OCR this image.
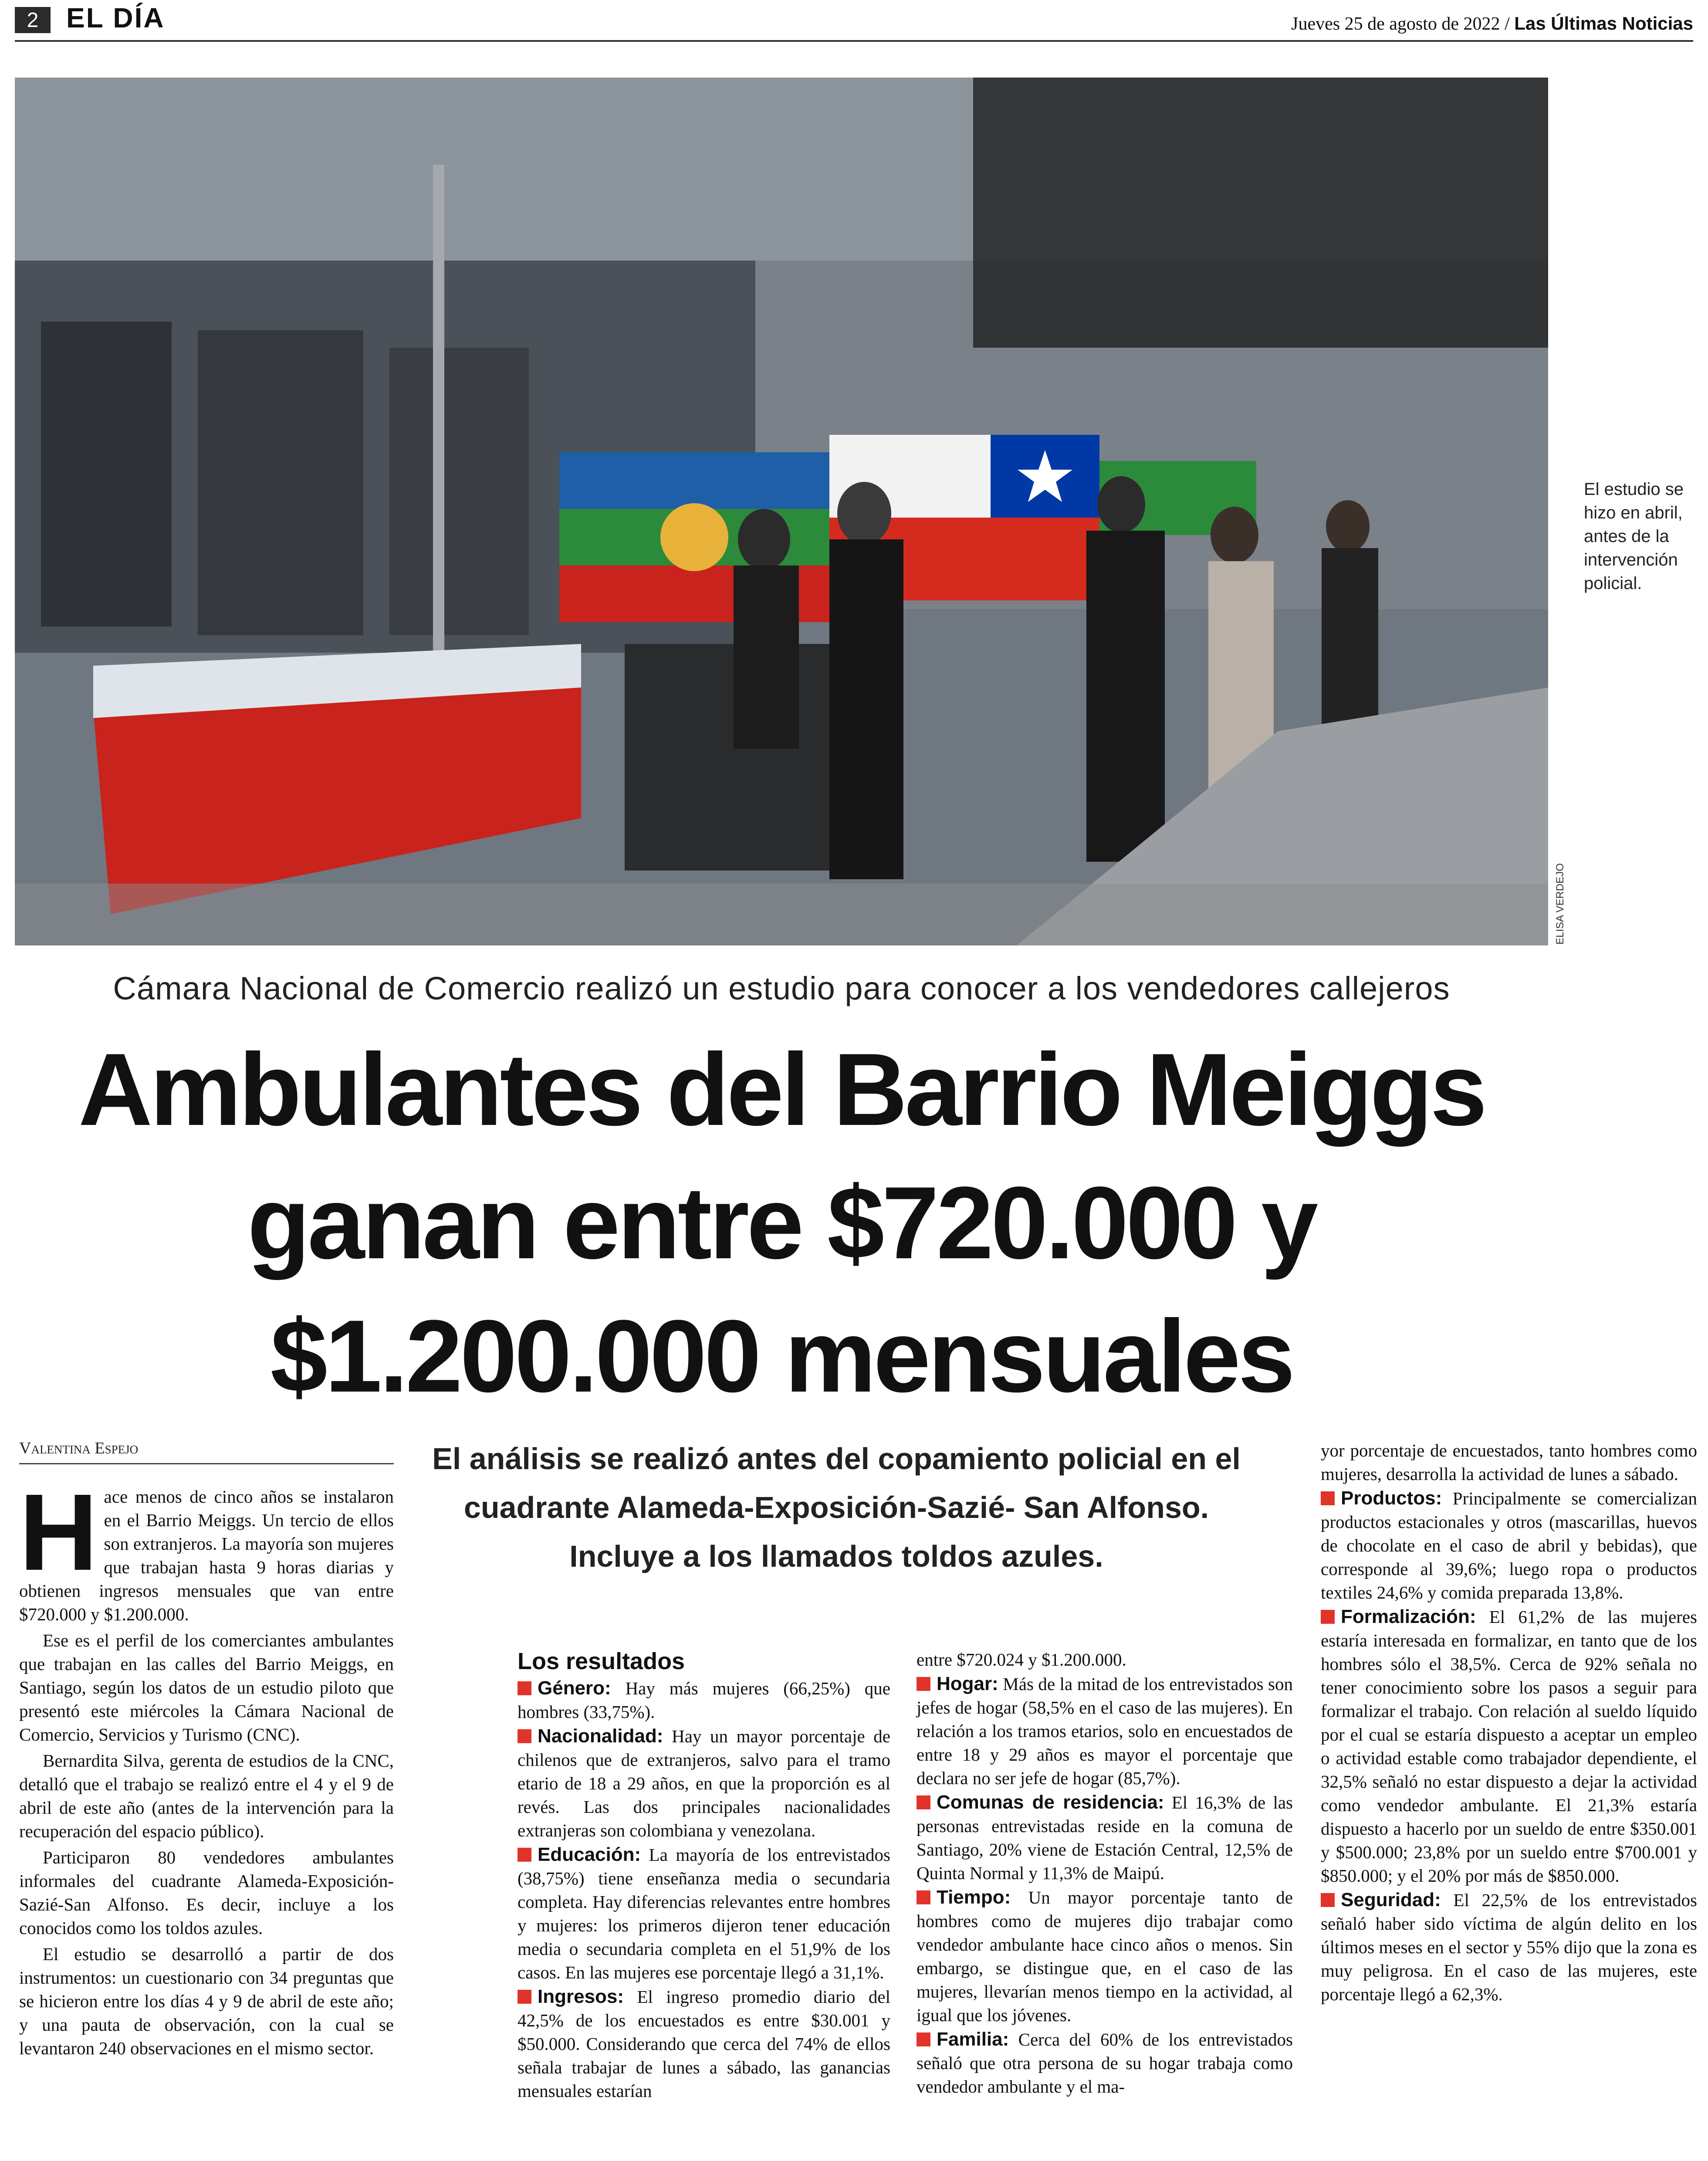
2 EL DÍA	Jueves 25 de agosto de 2022 / Las Últimas Noticias
ELISA VERDEJO
El estudio se hizo en abril, antes de la intervención policial.
Cámara Nacional de Comercio realizó un estudio para conocer a los vendedores callejeros
Ambulantes del Barrio Meiggs
ganan entre $720.000 y
$1.200.000 mensuales
Valentina Espejo

Hace menos de cinco años se instalaron en el Barrio Meiggs. Un tercio de ellos son extranjeros. La mayoría son mujeres que trabajan hasta 9 horas diarias y obtienen ingresos mensuales que van entre $720.000 y $1.200.000.

Ese es el perfil de los comerciantes ambulantes que trabajan en las calles del Barrio Meiggs, en Santiago, según los datos de un estudio piloto que presentó este miércoles la Cámara Nacional de Comercio, Servicios y Turismo (CNC).

Bernardita Silva, gerenta de estudios de la CNC, detalló que el trabajo se realizó entre el 4 y el 9 de abril de este año (antes de la intervención para la recuperación del espacio público).

Participaron 80 vendedores ambulantes informales del cuadrante Alameda-Exposición-Sazié-San Alfonso. Es decir, incluye a los conocidos como los toldos azules.

El estudio se desarrolló a partir de dos instrumentos: un cuestionario con 34 preguntas que se hicieron entre los días 4 y 9 de abril de este año; y una pauta de observación, con la cual se levantaron 240 observaciones en el mismo sector.

El análisis se realizó antes del copamiento policial en el cuadrante Alameda-Exposición-Sazié- San Alfonso. Incluye a los llamados toldos azules.
Los resultados
Género: Hay más mujeres (66,25%) que hombres (33,75%).
Nacionalidad: Hay un mayor porcentaje de chilenos que de extranjeros, salvo para el tramo etario de 18 a 29 años, en que la proporción es al revés. Las dos principales nacionalidades extranjeras son colombiana y venezolana.
Educación: La mayoría de los entrevistados (38,75%) tiene enseñanza media o secundaria completa. Hay diferencias relevantes entre hombres y mujeres: los primeros dijeron tener educación media o secundaria completa en el 51,9% de los casos. En las mujeres ese porcentaje llegó a 31,1%.
Ingresos: El ingreso promedio diario del 42,5% de los encuestados es entre $30.001 y $50.000. Considerando que cerca del 74% de ellos señala trabajar de lunes a sábado, las ganancias mensuales estarían
entre $720.024 y $1.200.000.
Hogar: Más de la mitad de los entrevistados son jefes de hogar (58,5% en el caso de las mujeres). En relación a los tramos etarios, solo en encuestados de entre 18 y 29 años es mayor el porcentaje que declara no ser jefe de hogar (85,7%).
Comunas de residencia: El 16,3% de las personas entrevistadas reside en la comuna de Santiago, 20% viene de Estación Central, 12,5% de Quinta Normal y 11,3% de Maipú.
Tiempo: Un mayor porcentaje tanto de hombres como de mujeres dijo trabajar como vendedor ambulante hace cinco años o menos. Sin embargo, se distingue que, en el caso de las mujeres, llevarían menos tiempo en la actividad, al igual que los jóvenes.
Familia: Cerca del 60% de los entrevistados señaló que otra persona de su hogar trabaja como vendedor ambulante y el ma-
yor porcentaje de encuestados, tanto hombres como mujeres, desarrolla la actividad de lunes a sábado.
Productos: Principalmente se comercializan productos estacionales y otros (mascarillas, huevos de chocolate en el caso de abril y bebidas), que corresponde al 39,6%; luego ropa o productos textiles 24,6% y comida preparada 13,8%.
Formalización: El 61,2% de las mujeres estaría interesada en formalizar, en tanto que de los hombres sólo el 38,5%. Cerca de 92% señala no tener conocimiento sobre los pasos a seguir para formalizar el trabajo. Con relación al sueldo líquido por el cual se estaría dispuesto a aceptar un empleo o actividad estable como trabajador dependiente, el 32,5% señaló no estar dispuesto a dejar la actividad como vendedor ambulante. El 21,3% estaría dispuesto a hacerlo por un sueldo de entre $350.001 y $500.000; 23,8% por un sueldo entre $700.001 y $850.000; y el 20% por más de $850.000.
Seguridad: El 22,5% de los entrevistados señaló haber sido víctima de algún delito en los últimos meses en el sector y 55% dijo que la zona es muy peligrosa. En el caso de las mujeres, este porcentaje llegó a 62,3%.
